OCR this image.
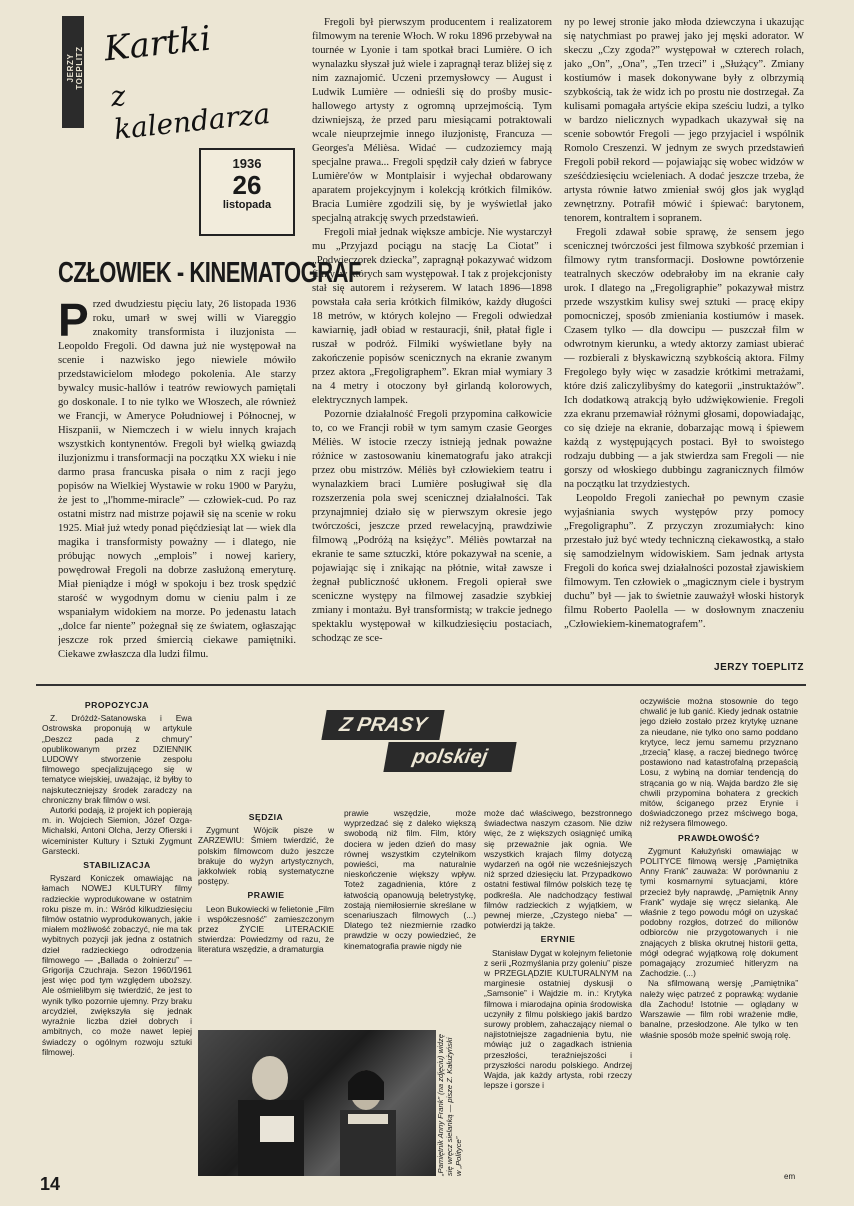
JERZY TOEPLITZ Kartki
z kalendarza
1936
26
listopada
CZŁOWIEK - KINEMATOGRAF
P rzed dwudziestu pięciu laty, 26 listopada 1936 roku, umarł w swej willi w Viareggio znakomity transformista i iluzjonista — Leopoldo Fregoli. Od dawna już nie występował na scenie i nazwisko jego niewiele mówiło przedstawicielom młodego pokolenia. Ale starzy bywalcy music-hallów i teatrów rewiowych pamiętali go doskonale. I to nie tylko we Włoszech, ale również we Francji, w Ameryce Południowej i Północnej, w Hiszpanii, w Niemczech i w wielu innych krajach wszystkich kontynentów. Fregoli był wielką gwiazdą iluzjonizmu i transformacji na początku XX wieku i nie darmo prasa francuska pisała o nim z racji jego popisów na Wielkiej Wystawie w roku 1900 w Paryżu, że jest to „l'homme-miracle” — człowiek-cud. Po raz ostatni mistrz nad mistrze pojawił się na scenie w roku 1925. Miał już wtedy ponad pięćdziesiąt lat — wiek dla magika i transformisty poważny — i dlatego, nie próbując nowych „emplois” i nowej kariery, powędrował Fregoli na dobrze zasłużoną emeryturę. Miał pieniądze i mógł w spokoju i bez trosk spędzić starość w wygodnym domu w cieniu palm i ze wspaniałym widokiem na morze. Po jedenastu latach „dolce far niente” pożegnał się ze światem, ogłaszając jeszcze rok przed śmiercią ciekawe pamiętniki. Ciekawe zwłaszcza dla ludzi filmu.

Fregoli był pierwszym producentem i realizatorem filmowym na terenie Włoch. W roku 1896 przebywał na tournée w Lyonie i tam spotkał braci Lumière. O ich wynalazku słyszał już wiele i zapragnął teraz bliżej się z nim zaznajomić. Uczeni przemysłowcy — August i Ludwik Lumière — odnieśli się do prośby music-hallowego artysty z ogromną uprzejmością. Tym dziwniejszą, że przed paru miesiącami potraktowali wcale nieuprzejmie innego iluzjonistę, Francuza — Georges'a Mélièsa. Widać — cudzoziemcy mają specjalne prawa... Fregoli spędził cały dzień w fabryce Lumière'ów w Montplaisir i wyjechał obdarowany aparatem projekcyjnym i kolekcją krótkich filmików. Bracia Lumière zgodzili się, by je wyświetlał jako specjalną atrakcję swych przedstawień.

Fregoli miał jednak większe ambicje. Nie wystarczył mu „Przyjazd pociągu na stację La Ciotat” i „Podwieczorek dziecka”, zapragnął pokazywać widzom filmy, w których sam występował. I tak z projekcjonisty stał się autorem i reżyserem. W latach 1896—1898 powstała cała seria krótkich filmików, każdy długości 18 metrów, w których kolejno — Fregoli odwiedzał kawiarnię, jadł obiad w restauracji, śnił, płatał figle i ruszał w podróż. Filmiki wyświetlane były na zakończenie popisów scenicznych na ekranie zwanym przez aktora „Fregoligraphem”. Ekran miał wymiary 3 na 4 metry i otoczony był girlandą kolorowych, elektrycznych lampek.

Pozornie działalność Fregoli przypomina całkowicie to, co we Francji robił w tym samym czasie Georges Méliès. W istocie rzeczy istnieją jednak poważne różnice w zastosowaniu kinematografu jako atrakcji przez obu mistrzów. Méliès był człowiekiem teatru i wynalazkiem braci Lumière posługiwał się dla rozszerzenia pola swej scenicznej działalności. Tak przynajmniej działo się w pierwszym okresie jego twórczości, jeszcze przed rewelacyjną, prawdziwie filmową „Podróżą na księżyc”. Méliès powtarzał na ekranie te same sztuczki, które pokazywał na scenie, a pojawiając się i znikając na płótnie, witał zawsze i żegnał publiczność ukłonem. Fregoli opierał swe sceniczne występy na filmowej zasadzie szybkiej zmiany i montażu. Był transformistą; w trakcie jednego spektaklu występował w kilkudziesięciu postaciach, schodząc ze sce-

ny po lewej stronie jako młoda dziewczyna i ukazując się natychmiast po prawej jako jej męski adorator. W skeczu „Czy zgoda?” występował w czterech rolach, jako „On”, „Ona”, „Ten trzeci” i „Służący”. Zmiany kostiumów i masek dokonywane były z olbrzymią szybkością, tak że widz ich po prostu nie dostrzegał. Za kulisami pomagała artyście ekipa sześciu ludzi, a tylko w bardzo nielicznych wypadkach ukazywał się na scenie sobowtór Fregoli — jego przyjaciel i wspólnik Romolo Creszenzi. W jednym ze swych przedstawień Fregoli pobił rekord — pojawiając się wobec widzów w sześćdziesięciu wcieleniach. A dodać jeszcze trzeba, że artysta równie łatwo zmieniał swój głos jak wygląd zewnętrzny. Potrafił mówić i śpiewać: barytonem, tenorem, kontraltem i sopranem.

Fregoli zdawał sobie sprawę, że sensem jego scenicznej twórczości jest filmowa szybkość przemian i filmowy rytm transformacji. Dosłowne powtórzenie teatralnych skeczów odebrałoby im na ekranie cały urok. I dlatego na „Fregoligraphie” pokazywał mistrz przede wszystkim kulisy swej sztuki — pracę ekipy pomocniczej, sposób zmieniania kostiumów i masek. Czasem tylko — dla dowcipu — puszczał film w odwrotnym kierunku, a wtedy aktorzy zamiast ubierać — rozbierali z błyskawiczną szybkością aktora. Filmy Fregolego były więc w zasadzie krótkimi metrażami, które dziś zaliczylibyśmy do kategorii „instruktażów”. Ich dodatkową atrakcją było udźwiękowienie. Fregoli zza ekranu przemawiał różnymi głosami, dopowiadając, co się dzieje na ekranie, dobarzając mową i śpiewem każdą z występujących postaci. Był to swoistego rodzaju dubbing — a jak stwierdza sam Fregoli — nie gorszy od włoskiego dubbingu zagranicznych filmów na początku lat trzydziestych.

Leopoldo Fregoli zaniechał po pewnym czasie wyjaśniania swych występów przy pomocy „Fregoligraphu”. Z przyczyn zrozumiałych: kino przestało już być wtedy techniczną ciekawostką, a stało się samodzielnym widowiskiem. Sam jednak artysta Fregoli do końca swej działalności pozostał zjawiskiem filmowym. Ten człowiek o „magicznym ciele i bystrym duchu” był — jak to świetnie zauważył włoski historyk filmu Roberto Paolella — w dosłownym znaczeniu „Człowiekiem-kinematografem”.

JERZY TOEPLITZ
Z PRASY
polskiej
PROPOZYCJA

Z. Dróżdż-Satanowska i Ewa Ostrowska proponują w artykule „Deszcz pada z chmury” opublikowanym przez DZIENNIK LUDOWY stworzenie zespołu filmowego specjalizującego się w tematyce wiejskiej, uważając, iż byłby to najskuteczniejszy środek zaradczy na chroniczny brak filmów o wsi.

Autorki podają, iż projekt ich popierają m. in. Wojciech Siemion, Józef Ozga-Michalski, Antoni Olcha, Jerzy Ofierski i wiceminister Kultury i Sztuki Zygmunt Garstecki.

STABILIZACJA

Ryszard Koniczek omawiając na łamach NOWEJ KULTURY filmy radzieckie wyprodukowane w ostatnim roku pisze m. in.: Wśród kilkudziesięciu filmów ostatnio wyprodukowanych, jakie miałem możliwość zobaczyć, nie ma tak wybitnych pozycji jak jedna z ostatnich dzieł radzieckiego odrodzenia filmowego — „Ballada o żołnierzu” — Grigorija Czuchraja. Sezon 1960/1961 jest więc pod tym względem uboższy. Ale ośmieliłbym się twierdzić, że jest to wynik tylko pozornie ujemny. Przy braku arcydzieł, zwiększyła się jednak wyraźnie liczba dzieł dobrych i ambitnych, co może nawet lepiej świadczy o ogólnym rozwoju sztuki filmowej.

SĘDZIA

Zygmunt Wójcik pisze w ZARZEWIU: Śmiem twierdzić, że polskim filmowcom dużo jeszcze brakuje do wyżyn artystycznych, jakkolwiek robią systematyczne postępy.

PRAWIE

Leon Bukowiecki w felietonie „Film i współczesność” zamieszczonym przez ŻYCIE LITERACKIE stwierdza: Powiedzmy od razu, że literatura wszędzie, a dramaturgia

prawie wszędzie, może wyprzedzać się z daleko większą swobodą niż film. Film, który dociera w jeden dzień do masy równej wszystkim czytelnikom powieści, ma naturalnie nieskończenie większy wpływ. Toteż zagadnienia, które z łatwością opanowują beletrystykę, zostają niemiłosiernie skreślane w scenariuszach filmowych (...) Dlatego też niezmiernie rzadko prawdzie w oczy powiedzieć, że kinematografia prawie nigdy nie

„Pamiętnik Anny Frank” (na zdjęciu) widzę się wręcz sielanką — pisze Z. Kałużyński w „Polityce”

może dać właściwego, bezstronnego świadectwa naszym czasom. Nie dziw więc, że z większych osiągnięć umiką się przeważnie jak ognia. We wszystkich krajach filmy dotyczą wydarzeń na ogół nie wcześniejszych niż sprzed dziesięciu lat. Przypadkowo ostatni festiwal filmów polskich tezę tę podkreśla. Ale nadchodzący festiwal filmów radzieckich z wyjątkiem, w pewnej mierze, „Czystego nieba” — potwierdzi ją także.

ERYNIE

Stanisław Dygat w kolejnym felietonie z serii „Rozmyślania przy goleniu” pisze w PRZEGLĄDZIE KULTURALNYM na marginesie ostatniej dyskusji o „Samsonie” i Wajdzie m. in.: Krytyka filmowa i miarodajna opinia środowiska uczyniły z filmu polskiego jakiś bardzo surowy problem, zahaczający niemal o najistotniejsze zagadnienia bytu, nie mówiąc już o zagadkach istnienia przeszłości, teraźniejszości i przyszłości narodu polskiego. Andrzej Wajda, jak każdy artysta, robi rzeczy lepsze i gorsze i

oczywiście można stosownie do tego chwalić je lub ganić. Kiedy jednak ostatnie jego dzieło zostało przez krytykę uznane za nieudane, nie tylko ono samo poddano krytyce, lecz jemu samemu przyznano „trzecią” klasę, a raczej biednego twórcę postawiono nad katastrofalną przepaścią Losu, z wybiną na domiar tendencją do strącania go w nią. Wajda bardzo źle się chwili przypomina bohatera z greckich mitów, ściganego przez Erynie i doświadczonego przez mściwego boga, niż reżysera filmowego.

PRAWDŁOWOŚĆ?

Zygmunt Kałużyński omawiając w POLITYCE filmową wersję „Pamiętnika Anny Frank” zauważa: W porównaniu z tymi kosmarnymi sytuacjami, które przecież były naprawdę, „Pamiętnik Anny Frank” wydaje się wręcz sielanką. Ale właśnie z tego powodu mógł on uzyskać podobny rozgłos, dotrzeć do milionów odbiorców nie przygotowanych i nie znających z bliska okrutnej historii getta, mógł odegrać wyjątkową rolę dokument pomagający zrozumieć hitleryzm na Zachodzie. (...)

Na sfilmowaną wersję „Pamiętnika” należy więc patrzeć z poprawką: wydanie dla Zachodu! Istotnie — oglądany w Warszawie — film robi wrażenie mdłe, banalne, przesłodzone. Ale tylko w ten właśnie sposób może spełnić swoją rolę.

14	em
